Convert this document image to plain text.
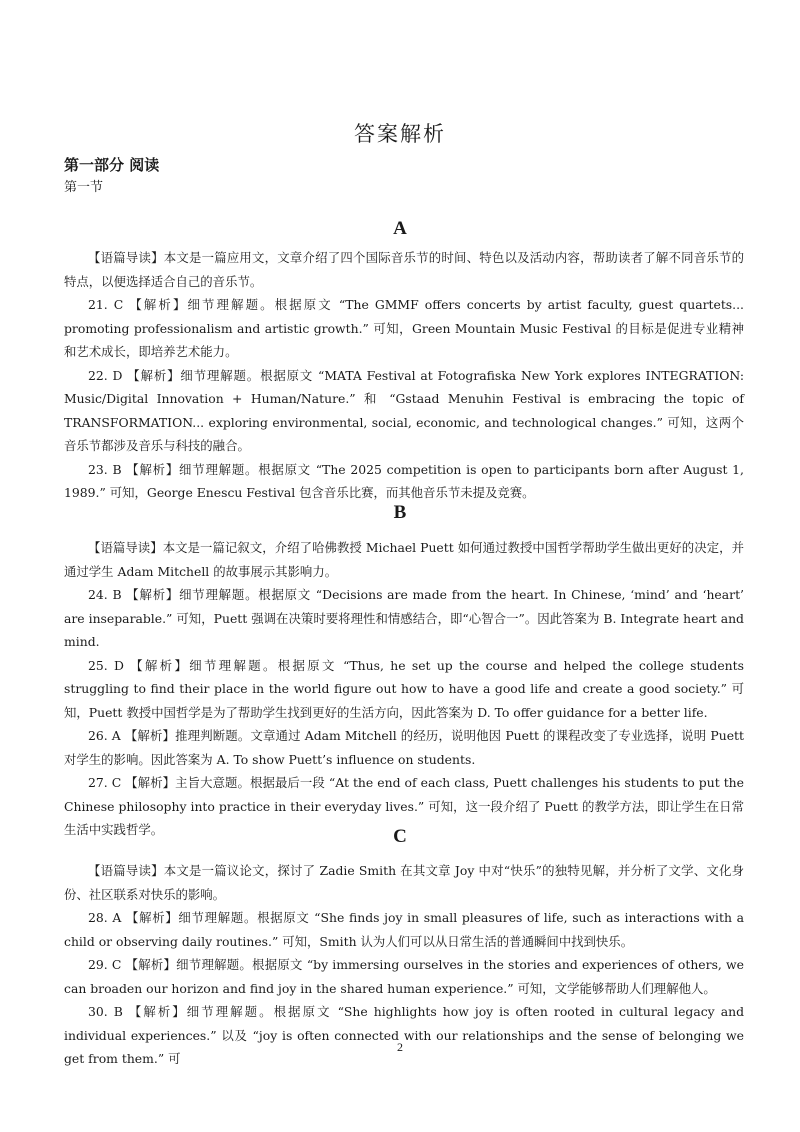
答案解析
第一部分 阅读
第一节
A

【语篇导读】本文是一篇应用文，文章介绍了四个国际音乐节的时间、特色以及活动内容，帮助读者了解不同音乐节的特点，以便选择适合自己的音乐节。

21. C 【解析】细节理解题。根据原文 “The GMMF offers concerts by artist faculty, guest quartets... promoting professionalism and artistic growth.” 可知，Green Mountain Music Festival 的目标是促进专业精神和艺术成长，即培养艺术能力。

22. D 【解析】细节理解题。根据原文 “MATA Festival at Fotografiska New York explores INTEGRATION: Music/Digital Innovation + Human/Nature.” 和 “Gstaad Menuhin Festival is embracing the topic of TRANSFORMATION... exploring environmental, social, economic, and technological changes.” 可知，这两个音乐节都涉及音乐与科技的融合。

23. B 【解析】细节理解题。根据原文 “The 2025 competition is open to participants born after August 1, 1989.” 可知，George Enescu Festival 包含音乐比赛，而其他音乐节未提及竞赛。

B

【语篇导读】本文是一篇记叙文，介绍了哈佛教授 Michael Puett 如何通过教授中国哲学帮助学生做出更好的决定，并通过学生 Adam Mitchell 的故事展示其影响力。

24. B 【解析】细节理解题。根据原文 “Decisions are made from the heart. In Chinese, ‘mind’ and ‘heart’ are inseparable.” 可知，Puett 强调在决策时要将理性和情感结合，即“心智合一”。因此答案为 B. Integrate heart and mind.

25. D 【解析】细节理解题。根据原文 “Thus, he set up the course and helped the college students struggling to find their place in the world figure out how to have a good life and create a good society.” 可知，Puett 教授中国哲学是为了帮助学生找到更好的生活方向，因此答案为 D. To offer guidance for a better life.

26. A 【解析】推理判断题。文章通过 Adam Mitchell 的经历，说明他因 Puett 的课程改变了专业选择，说明 Puett 对学生的影响。因此答案为 A. To show Puett’s influence on students.

27. C 【解析】主旨大意题。根据最后一段 “At the end of each class, Puett challenges his students to put the Chinese philosophy into practice in their everyday lives.” 可知，这一段介绍了 Puett 的教学方法，即让学生在日常生活中实践哲学。	C

【语篇导读】本文是一篇议论文，探讨了 Zadie Smith 在其文章 Joy 中对“快乐”的独特见解，并分析了文学、文化身份、社区联系对快乐的影响。

28. A 【解析】细节理解题。根据原文 “She finds joy in small pleasures of life, such as interactions with a child or observing daily routines.” 可知，Smith 认为人们可以从日常生活的普通瞬间中找到快乐。

29. C 【解析】细节理解题。根据原文 “by immersing ourselves in the stories and experiences of others, we can broaden our horizon and find joy in the shared human experience.” 可知，文学能够帮助人们理解他人。

30. B 【解析】细节理解题。根据原文 “She highlights how joy is often rooted in cultural legacy and individual experiences.” 以及 “joy is often connected with our relationships and the sense of belonging we get from them.” 可

2
